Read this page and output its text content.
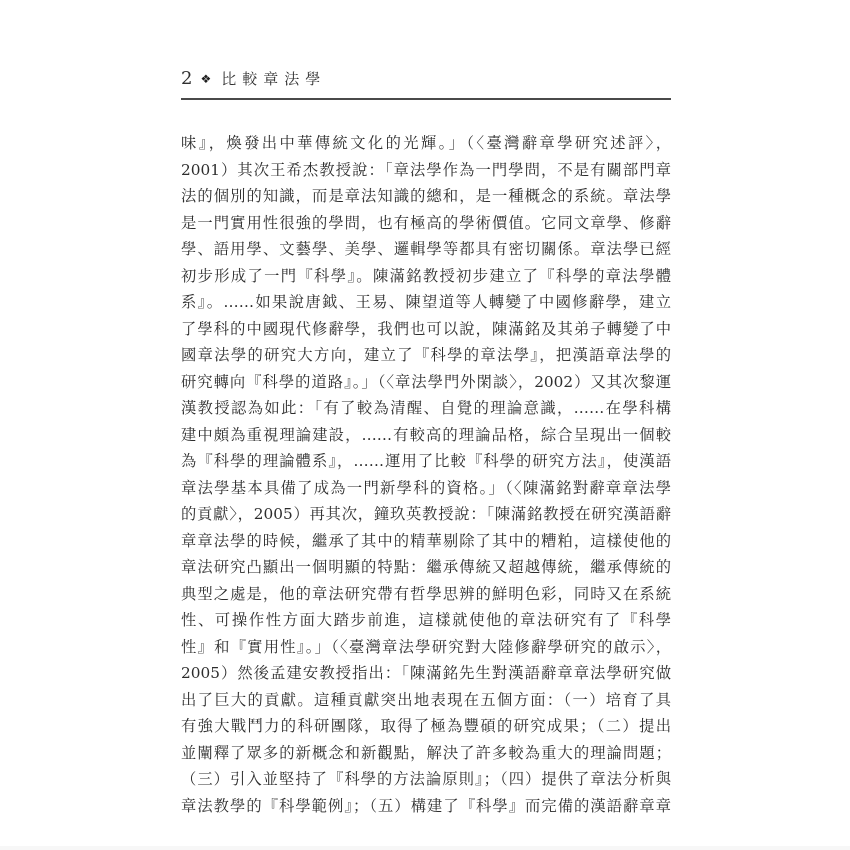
2 ❖ 比較章法學
味』，煥發出中華傳統文化的光輝。」（〈臺灣辭章學研究述評〉，
2001）其次王希杰教授說：「章法學作為一門學問，不是有關部門章
法的個別的知識，而是章法知識的總和，是一種概念的系統。章法學
是一門實用性很強的學問，也有極高的學術價值。它同文章學、修辭
學、語用學、文藝學、美學、邏輯學等都具有密切關係。章法學已經
初步形成了一門『科學』。陳滿銘教授初步建立了『科學的章法學體
系』。……如果說唐鉞、王易、陳望道等人轉變了中國修辭學，建立
了學科的中國現代修辭學，我們也可以說，陳滿銘及其弟子轉變了中
國章法學的研究大方向，建立了『科學的章法學』，把漢語章法學的
研究轉向『科學的道路』。」（〈章法學門外閑談〉，2002）又其次黎運
漢教授認為如此：「有了較為清醒、自覺的理論意識，……在學科構
建中頗為重視理論建設，……有較高的理論品格，綜合呈現出一個較
為『科學的理論體系』，……運用了比較『科學的研究方法』，使漢語
章法學基本具備了成為一門新學科的資格。」（〈陳滿銘對辭章章法學
的貢獻〉，2005）再其次，鐘玖英教授說：「陳滿銘教授在研究漢語辭
章章法學的時候，繼承了其中的精華剔除了其中的糟粕，這樣使他的
章法研究凸顯出一個明顯的特點：繼承傳統又超越傳統，繼承傳統的
典型之處是，他的章法研究帶有哲學思辨的鮮明色彩，同時又在系統
性、可操作性方面大踏步前進，這樣就使他的章法研究有了『科學
性』和『實用性』。」（〈臺灣章法學研究對大陸修辭學研究的啟示〉，
2005）然後孟建安教授指出：「陳滿銘先生對漢語辭章章法學研究做
出了巨大的貢獻。這種貢獻突出地表現在五個方面：（一）培育了具
有強大戰鬥力的科研團隊，取得了極為豐碩的研究成果；（二）提出
並闡釋了眾多的新概念和新觀點，解決了許多較為重大的理論問題；
（三）引入並堅持了『科學的方法論原則』；（四）提供了章法分析與
章法教學的『科學範例』；（五）構建了『科學』而完備的漢語辭章章
